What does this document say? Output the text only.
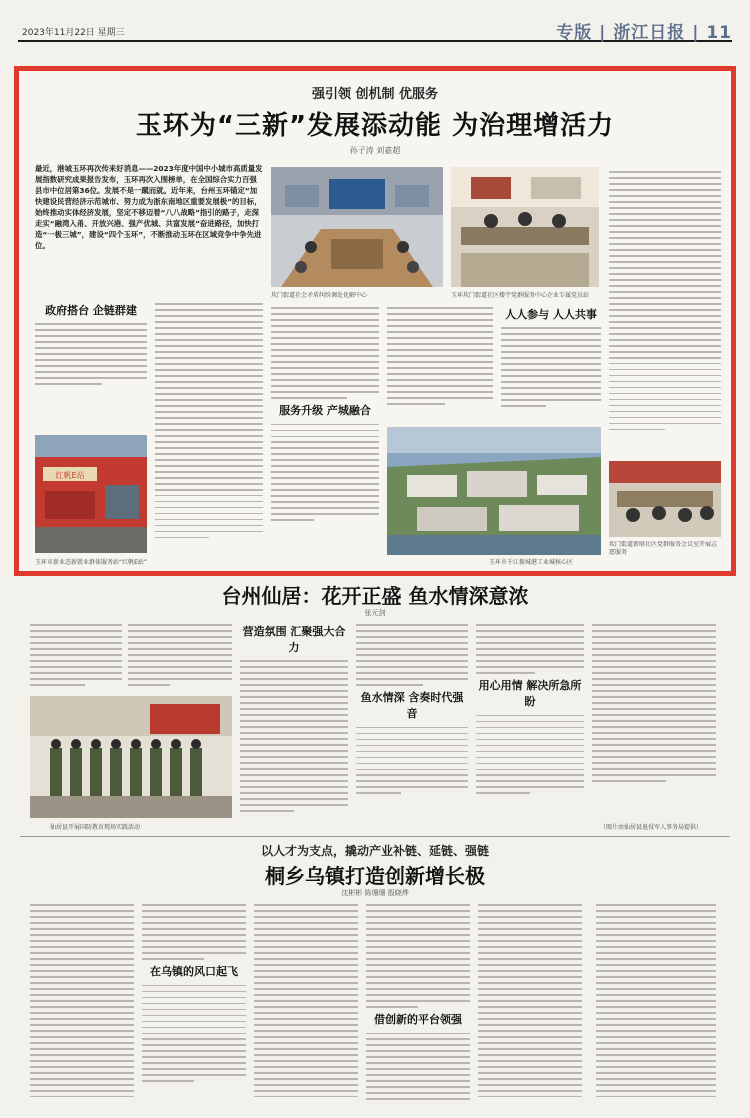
2023年11月22日 星期三	专版 | 浙江日报 | 11
强引领 创机制 优服务
玉环为“三新”发展添动能 为治理增活力
孙子涛 刘嘉超
最近，港城玉环再次传来好消息——2023年度中国中小城市高质量发展指数研究成果报告发布，玉环再次入围榜单，在全国综合实力百强县市中位居第36位。发展不是一蹴而就。近年来，台州玉环锚定“加快建设民营经济示范城市、努力成为浙东南地区重要发展极”的目标，始终推动实体经济发展，坚定不移迈着“八八战略”指引的路子，走深走实“融湾入甬、开放兴港、强产优城、共富发展”奋进路径，加快打造“一极三城”，建设“四个玉环”，不断推动玉环在区域竞争中争先进位。
坎门街道社会矛盾纠纷调处化解中心	玉环坎门街道社区楼宇党群服务中心企业专属党员站
政府搭台 企链群建
红帆E站
玉环市新业态新就业群体服务站“红帆E站”
服务升级 产城融合
人人参与 人人共事
玉环市千江振城港工业城核心区
坎门街道新联社区党群服务会议室开展志愿服务
台州仙居：花开正盛 鱼水情深意浓
张元剑
仙居县开展国防教育现场实践活动
营造氛围 汇聚强大合力
鱼水情深 含奏时代强音
用心用情 解决所急所盼
（图片由仙居县退役军人事务局提供）
以人才为支点，撬动产业补链、延链、强链
桐乡乌镇打造创新增长极
沈彬彬 陈珊珊 殷晓烨
在乌镇的风口起飞
借创新的平台领强
